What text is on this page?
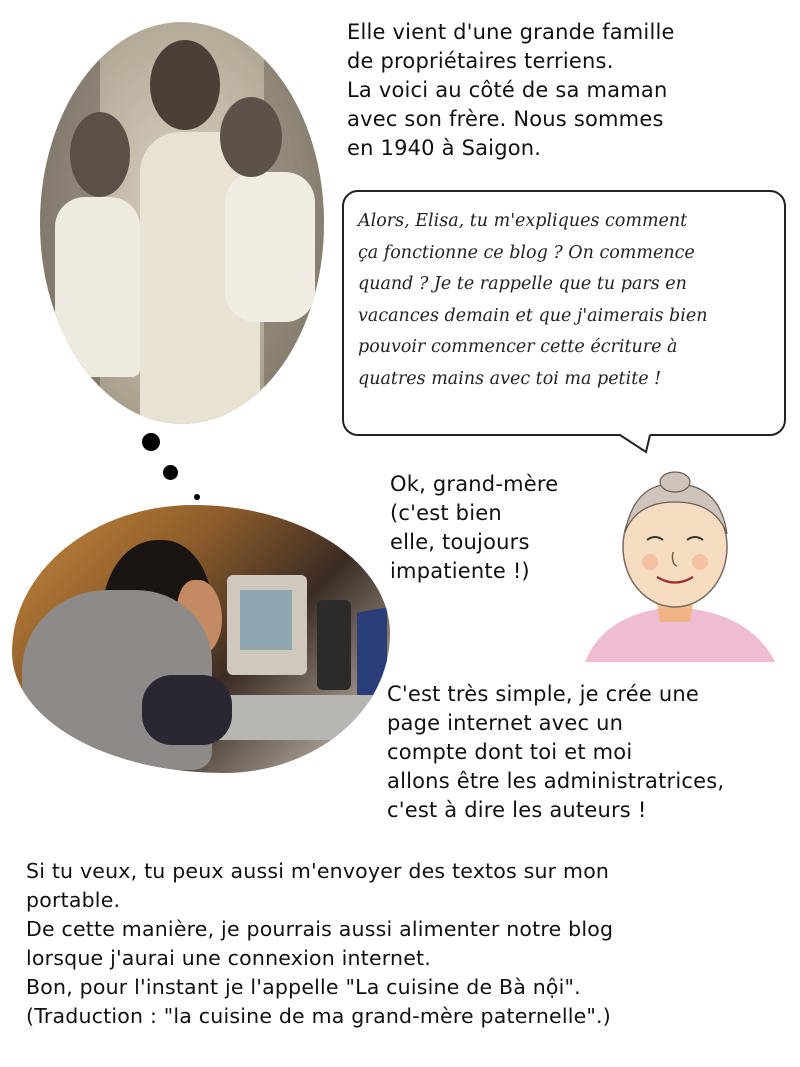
Elle vient d'une grande famille
de propriétaires terriens.
La voici au côté de sa maman
avec son frère. Nous sommes
en 1940 à Saigon.
Alors, Elisa, tu m'expliques comment
ça fonctionne ce blog ? On commence
quand ? Je te rappelle que tu pars en
vacances demain et que j'aimerais bien
pouvoir commencer cette écriture à
quatres mains avec toi ma petite !
Ok, grand-mère
(c'est bien
elle, toujours
impatiente !)
C'est très simple, je crée une
page internet avec un
compte dont toi et moi
allons être les administratrices,
c'est à dire les auteurs !
Si tu veux, tu peux aussi m'envoyer des textos sur mon
portable.
De cette manière, je pourrais aussi alimenter notre blog
lorsque j'aurai une connexion internet.
Bon, pour l'instant je l'appelle "La cuisine de Bà nội".
(Traduction : "la cuisine de ma grand-mère paternelle".)
